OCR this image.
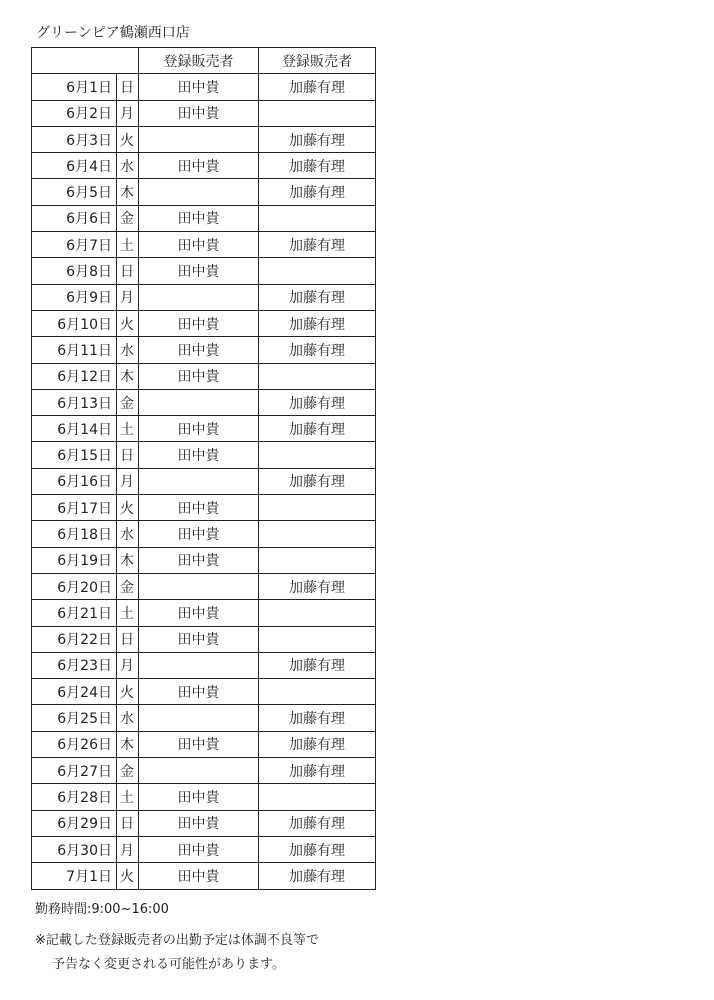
グリーンピア鶴瀬西口店
		登録販売者	登録販売者
6月1日	日	田中貴	加藤有理
6月2日	月	田中貴	
6月3日	火		加藤有理
6月4日	水	田中貴	加藤有理
6月5日	木		加藤有理
6月6日	金	田中貴	
6月7日	土	田中貴	加藤有理
6月8日	日	田中貴	
6月9日	月		加藤有理
6月10日	火	田中貴	加藤有理
6月11日	水	田中貴	加藤有理
6月12日	木	田中貴	
6月13日	金		加藤有理
6月14日	土	田中貴	加藤有理
6月15日	日	田中貴	
6月16日	月		加藤有理
6月17日	火	田中貴	
6月18日	水	田中貴	
6月19日	木	田中貴	
6月20日	金		加藤有理
6月21日	土	田中貴	
6月22日	日	田中貴	
6月23日	月		加藤有理
6月24日	火	田中貴	
6月25日	水		加藤有理
6月26日	木	田中貴	加藤有理
6月27日	金		加藤有理
6月28日	土	田中貴	
6月29日	日	田中貴	加藤有理
6月30日	月	田中貴	加藤有理
7月1日	火	田中貴	加藤有理
勤務時間:9:00~16:00
※記載した登録販売者の出勤予定は体調不良等で
予告なく変更される可能性があります。
